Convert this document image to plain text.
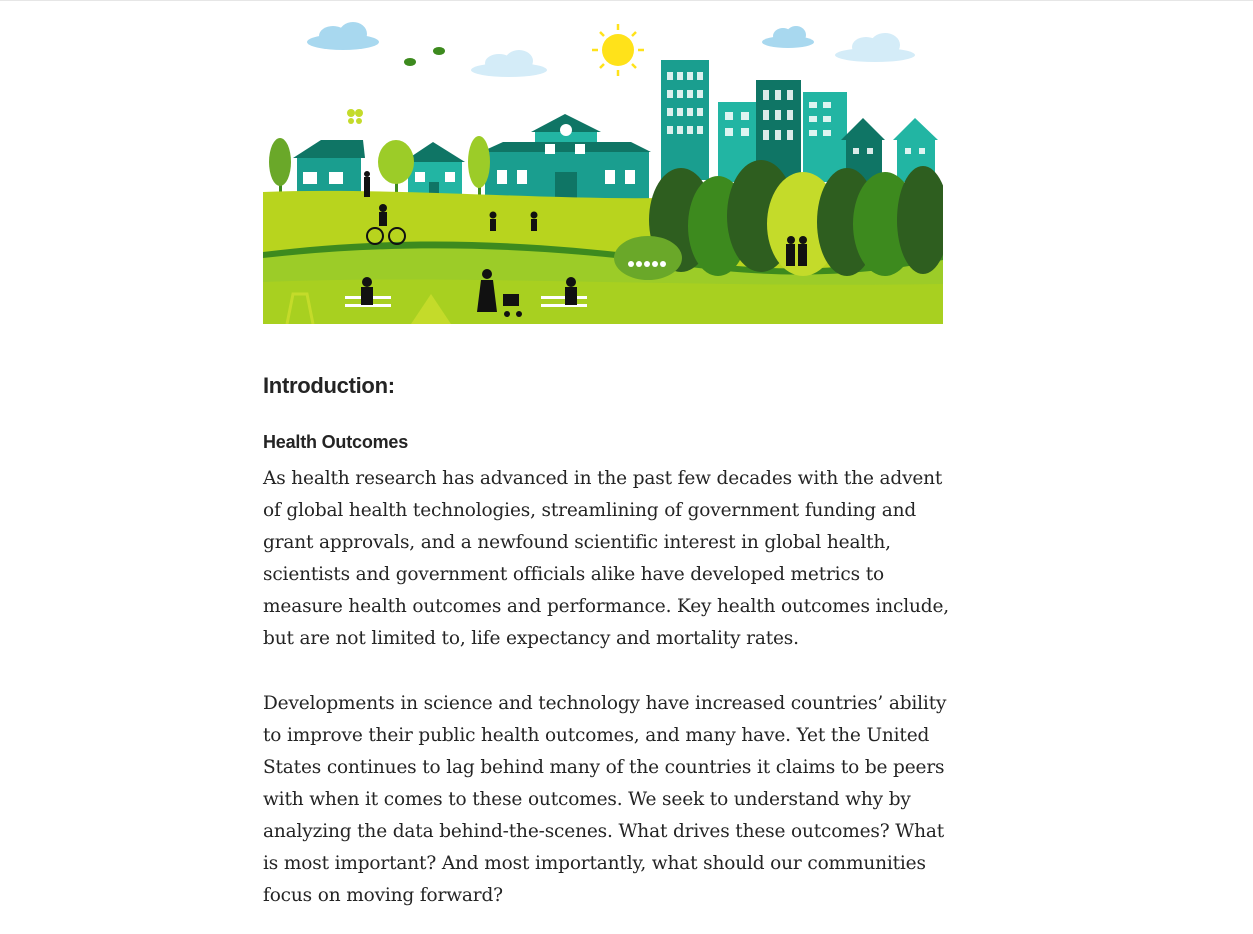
Introduction:
Health Outcomes

As health research has advanced in the past few decades with the advent of global health technologies, streamlining of government funding and grant approvals, and a newfound scientific interest in global health, scientists and government officials alike have developed metrics to measure health outcomes and performance. Key health outcomes include, but are not limited to, life expectancy and mortality rates.

Developments in science and technology have increased countries’ ability to improve their public health outcomes, and many have. Yet the United States continues to lag behind many of the countries it claims to be peers with when it comes to these outcomes. We seek to understand why by analyzing the data behind-the-scenes. What drives these outcomes? What is most important? And most importantly, what should our communities focus on moving forward?
